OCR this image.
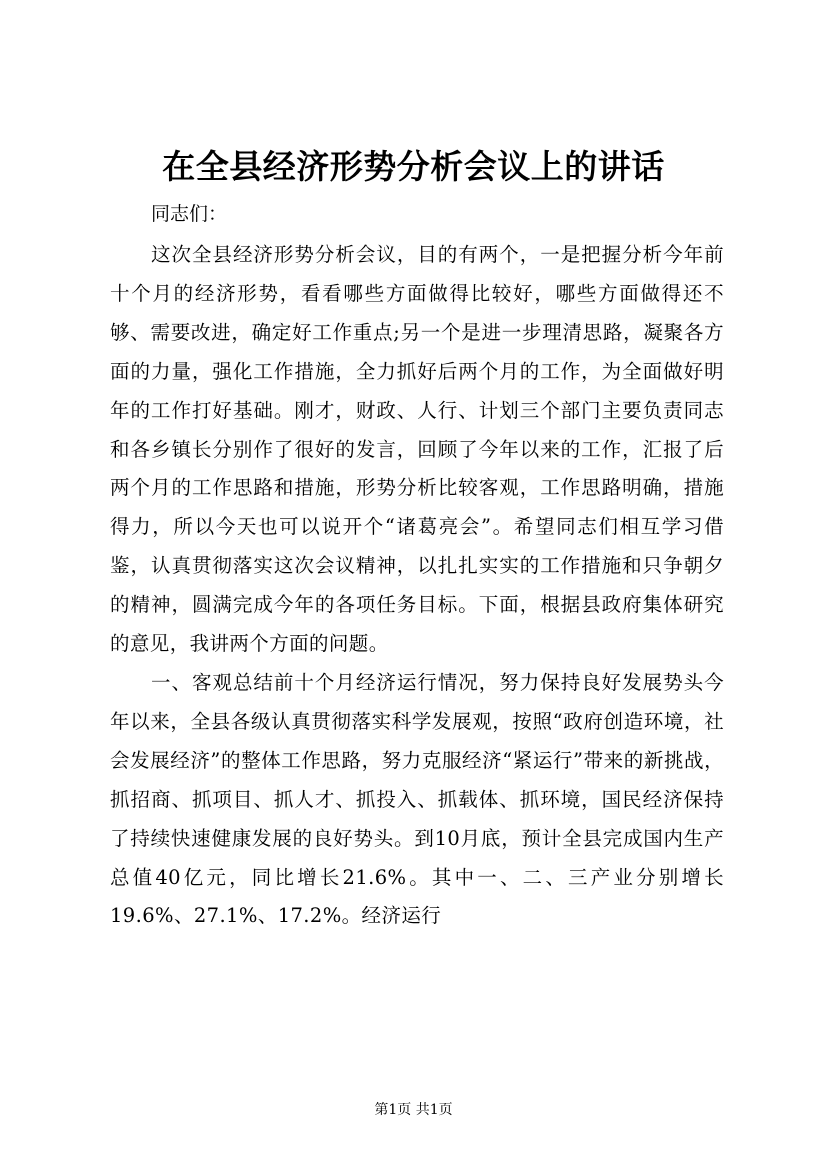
在全县经济形势分析会议上的讲话
同志们：

这次全县经济形势分析会议，目的有两个，一是把握分析今年前十个月的经济形势，看看哪些方面做得比较好，哪些方面做得还不够、需要改进，确定好工作重点;另一个是进一步理清思路，凝聚各方面的力量，强化工作措施，全力抓好后两个月的工作，为全面做好明年的工作打好基础。刚才，财政、人行、计划三个部门主要负责同志和各乡镇长分别作了很好的发言，回顾了今年以来的工作，汇报了后两个月的工作思路和措施，形势分析比较客观，工作思路明确，措施得力，所以今天也可以说开个“诸葛亮会”。希望同志们相互学习借鉴，认真贯彻落实这次会议精神，以扎扎实实的工作措施和只争朝夕的精神，圆满完成今年的各项任务目标。下面，根据县政府集体研究的意见，我讲两个方面的问题。

一、客观总结前十个月经济运行情况，努力保持良好发展势头今年以来，全县各级认真贯彻落实科学发展观，按照“政府创造环境，社会发展经济”的整体工作思路，努力克服经济“紧运行”带来的新挑战，抓招商、抓项目、抓人才、抓投入、抓载体、抓环境，国民经济保持了持续快速健康发展的良好势头。到10月底，预计全县完成国内生产总值40亿元，同比增长21.6%。其中一、二、三产业分别增长19.6%、27.1%、17.2%。经济运行

第1页 共1页
